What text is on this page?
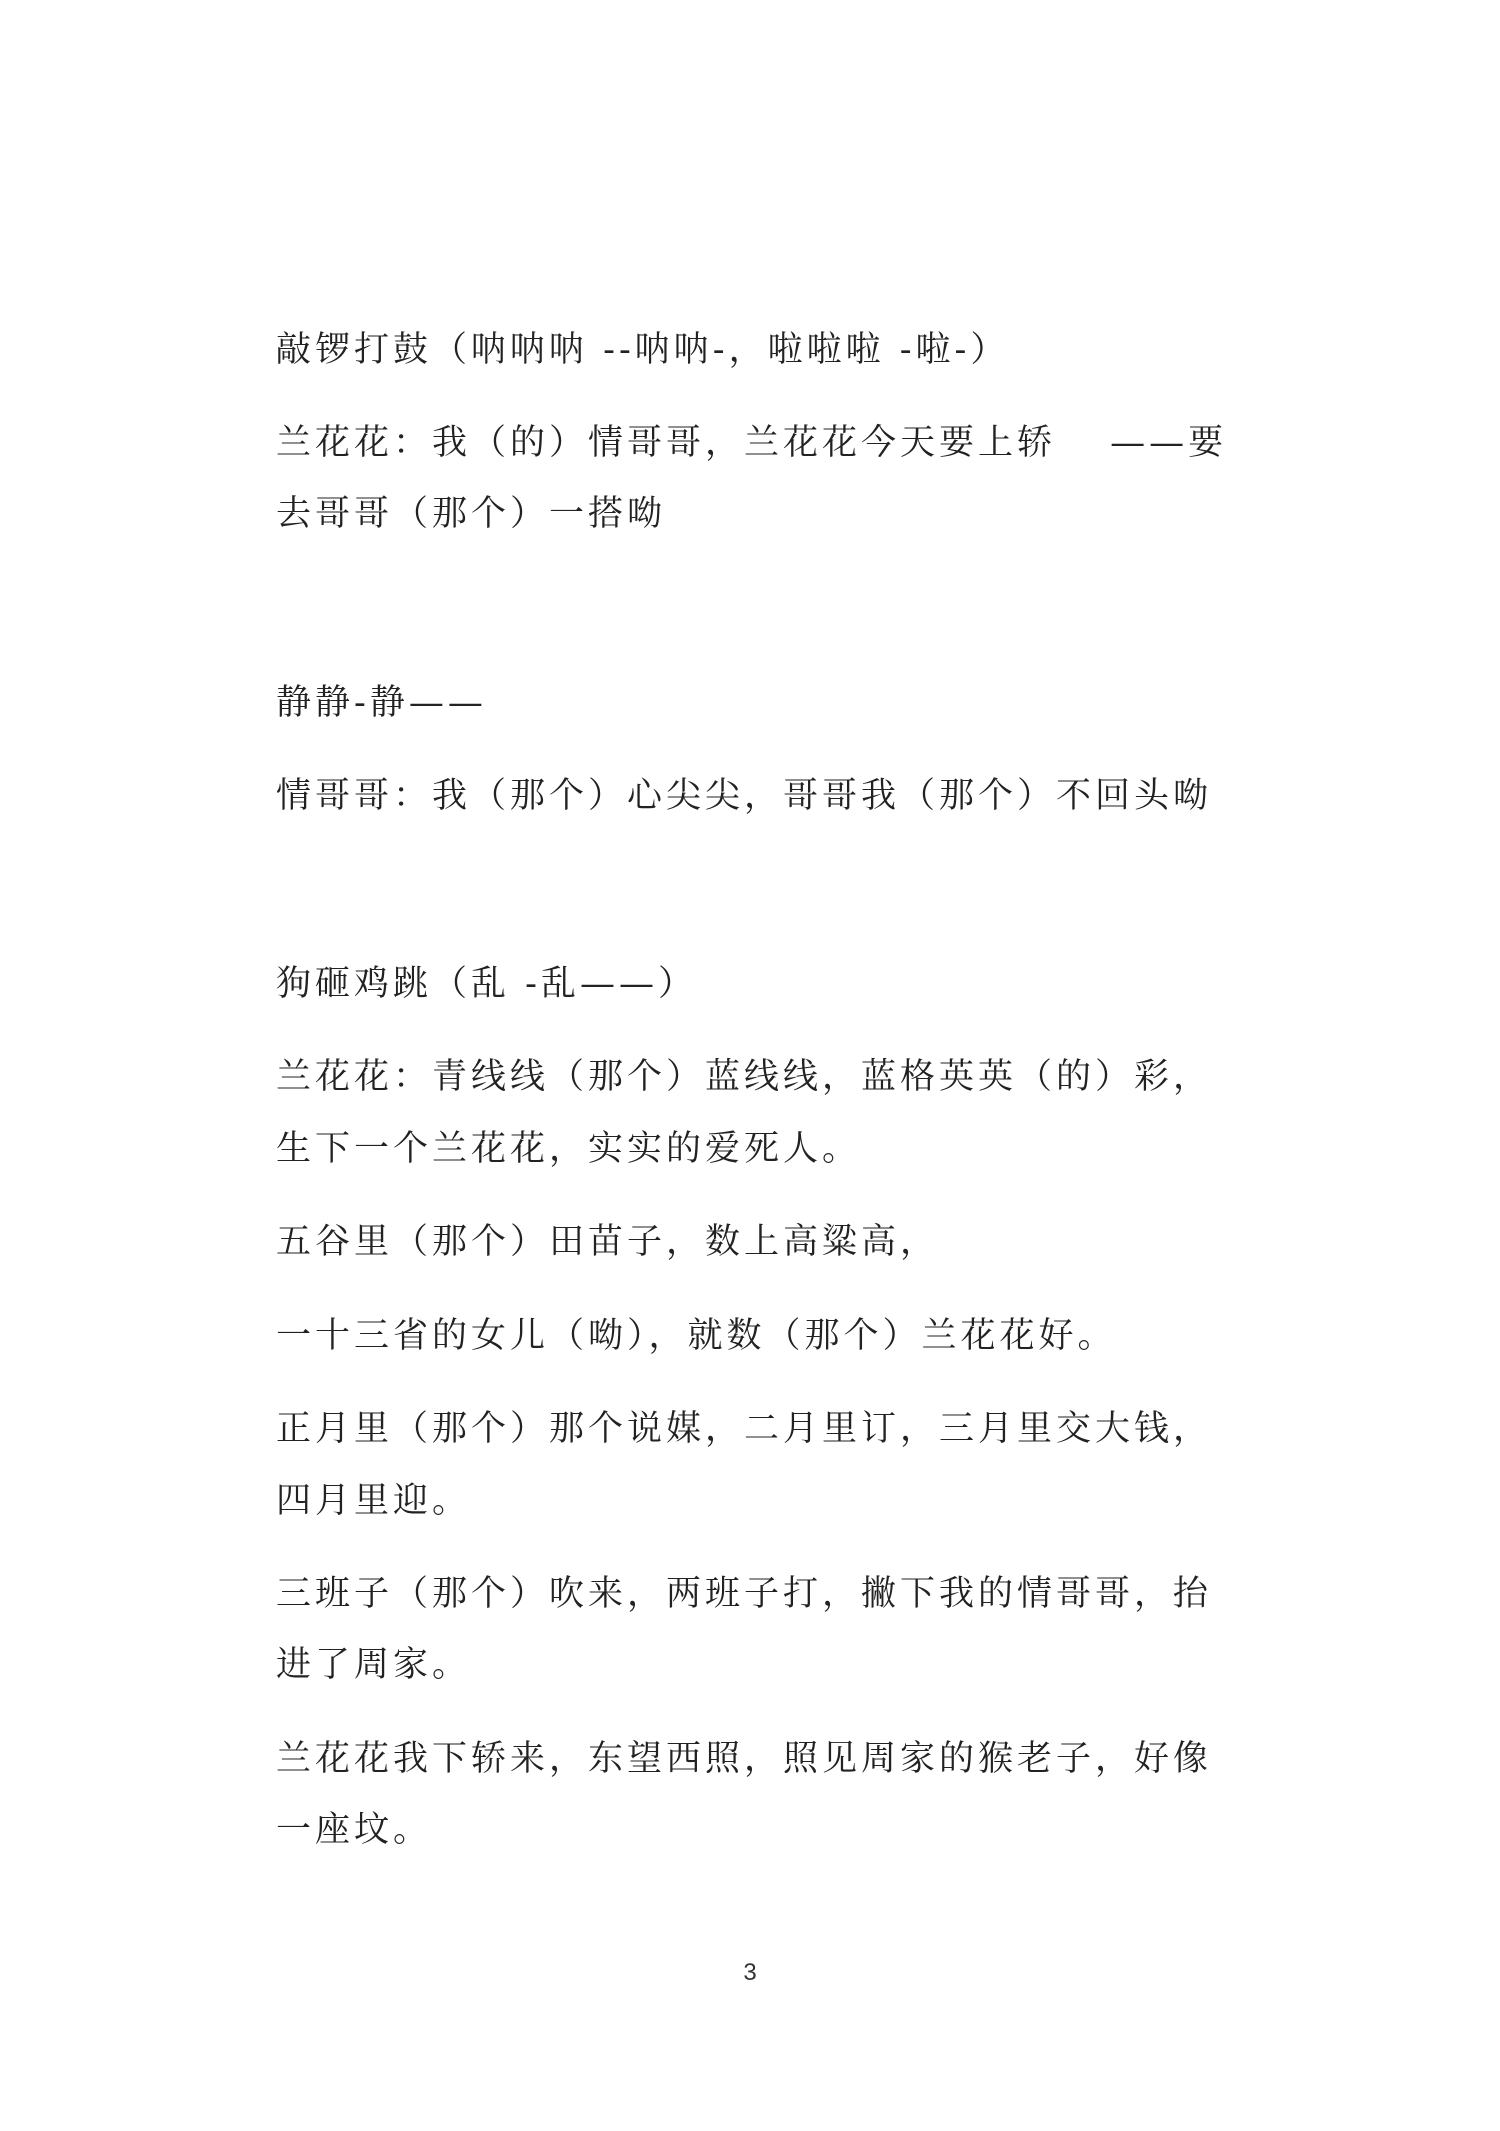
敲锣打鼓（呐呐呐 --呐呐-，啦啦啦 -啦-）

兰花花：我（的）情哥哥，兰花花今天要上轿　 ——要

去哥哥（那个）一搭呦

静静-静——

情哥哥：我（那个）心尖尖，哥哥我（那个）不回头呦

狗砸鸡跳（乱 -乱——）

兰花花：青线线（那个）蓝线线，蓝格英英（的）彩，

生下一个兰花花，实实的爱死人。

五谷里（那个）田苗子，数上高粱高，

一十三省的女儿（呦），就数（那个）兰花花好。

正月里（那个）那个说媒，二月里订，三月里交大钱，

四月里迎。

三班子（那个）吹来，两班子打，撇下我的情哥哥，抬

进了周家。

兰花花我下轿来，东望西照，照见周家的猴老子，好像

一座坟。

3
